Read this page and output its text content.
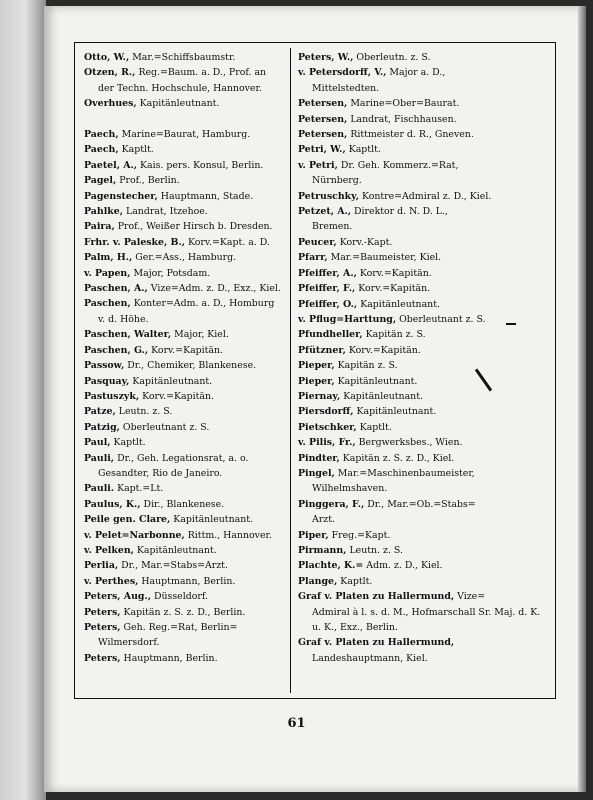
Otto, W., Mar.=Schiffsbaumstr.
Otzen, R., Reg.=Baum. a. D., Prof. an
der Techn. Hochschule, Hannover.
Overhues, Kapitänleutnant.
Paech, Marine=Baurat, Hamburg.
Paech, Kaptlt.
Paetel, A., Kais. pers. Konsul, Berlin.
Pagel, Prof., Berlin.
Pagenstecher, Hauptmann, Stade.
Pahlke, Landrat, Itzehoe.
Paira, Prof., Weißer Hirsch b. Dresden.
Frhr. v. Paleske, B., Korv.=Kapt. a. D.
Palm, H., Ger.=Ass., Hamburg.
v. Papen, Major, Potsdam.
Paschen, A., Vize=Adm. z. D., Exz., Kiel.
Paschen, Konter=Adm. a. D., Homburg
v. d. Höhe.
Paschen, Walter, Major, Kiel.
Paschen, G., Korv.=Kapitän.
Passow, Dr., Chemiker, Blankenese.
Pasquay, Kapitänleutnant.
Pastuszyk, Korv.=Kapitän.
Patze, Leutn. z. S.
Patzig, Oberleutnant z. S.
Paul, Kaptlt.
Pauli, Dr., Geh. Legationsrat, a. o.
Gesandter, Rio de Janeiro.
Pauli. Kapt.=Lt.
Paulus, K., Dir., Blankenese.
Peile gen. Clare, Kapitänleutnant.
v. Pelet=Narbonne, Rittm., Hannover.
v. Pelken, Kapitänleutnant.
Perlia, Dr., Mar.=Stabs=Arzt.
v. Perthes, Hauptmann, Berlin.
Peters, Aug., Düsseldorf.
Peters, Kapitän z. S. z. D., Berlin.
Peters, Geh. Reg.=Rat, Berlin=
Wilmersdorf.
Peters, Hauptmann, Berlin.
Peters, W., Oberleutn. z. S.
v. Petersdorff, V., Major a. D.,
Mittelstedten.
Petersen, Marine=Ober=Baurat.
Petersen, Landrat, Fischhausen.
Petersen, Rittmeister d. R., Gneven.
Petri, W., Kaptlt.
v. Petri, Dr. Geh. Kommerz.=Rat,
Nürnberg.
Petruschky, Kontre=Admiral z. D., Kiel.
Petzet, A., Direktor d. N. D. L.,
Bremen.
Peucer, Korv.-Kapt.
Pfarr, Mar.=Baumeister, Kiel.
Pfeiffer, A., Korv.=Kapitän.
Pfeiffer, F., Korv.=Kapitän.
Pfeiffer, O., Kapitänleutnant.
v. Pflug=Harttung, Oberleutnant z. S.
Pfundheller, Kapitän z. S.
Pfützner, Korv.=Kapitän.
Pieper, Kapitän z. S.
Pieper, Kapitänleutnant.
Piernay, Kapitänleutnant.
Piersdorff, Kapitänleutnant.
Pietschker, Kaptlt.
v. Pilis, Fr., Bergwerksbes., Wien.
Pindter, Kapitän z. S. z. D., Kiel.
Pingel, Mar.=Maschinenbaumeister,
Wilhelmshaven.
Pinggera, F., Dr., Mar.=Ob.=Stabs=
Arzt.
Piper, Freg.=Kapt.
Pirmann, Leutn. z. S.
Plachte, K.= Adm. z. D., Kiel.
Plange, Kaptlt.
Graf v. Platen zu Hallermund, Vize=
Admiral à l. s. d. M., Hofmarschall Sr. Maj. d. K. u. K., Exz., Berlin.
Graf v. Platen zu Hallermund,
Landeshauptmann, Kiel.
61
